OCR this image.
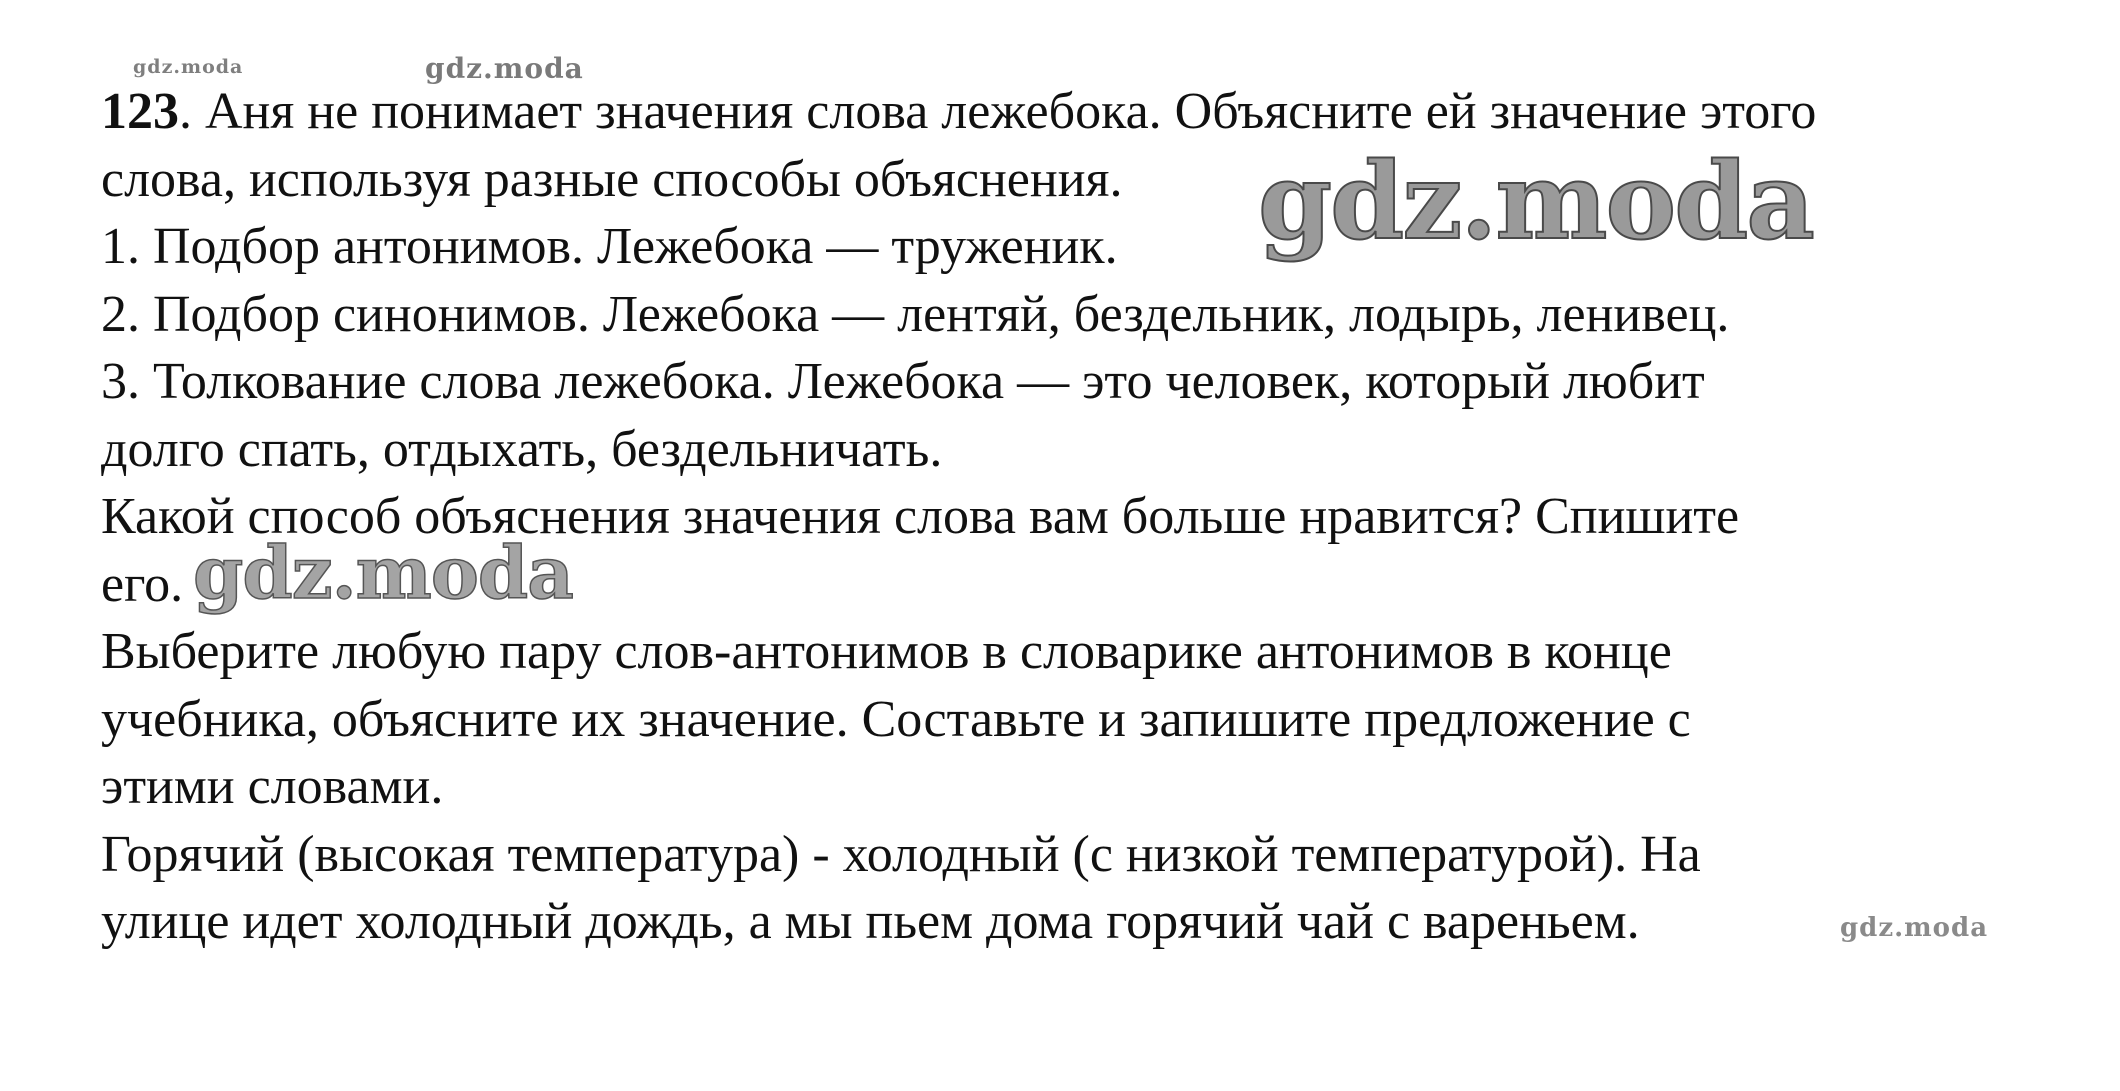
123. Аня не понимает значения слова лежебока. Объясните ей значение этого

слова, используя разные способы объяснения.

1. Подбор антонимов. Лежебока — труженик.

2. Подбор синонимов. Лежебока — лентяй, бездельник, лодырь, ленивец.

3. Толкование слова лежебока. Лежебока — это человек, который любит

долго спать, отдыхать, бездельничать.

Какой способ объяснения значения слова вам больше нравится? Спишите

его.

Выберите любую пару слов-антонимов в словарике антонимов в конце

учебника, объясните их значение. Составьте и запишите предложение с

этими словами.

Горячий (высокая температура) - холодный (с низкой температурой). На

улице идет холодный дождь, а мы пьем дома горячий чай с вареньем.

gdz.moda	gdz.moda
gdz.moda
gdz.moda
gdz.moda
